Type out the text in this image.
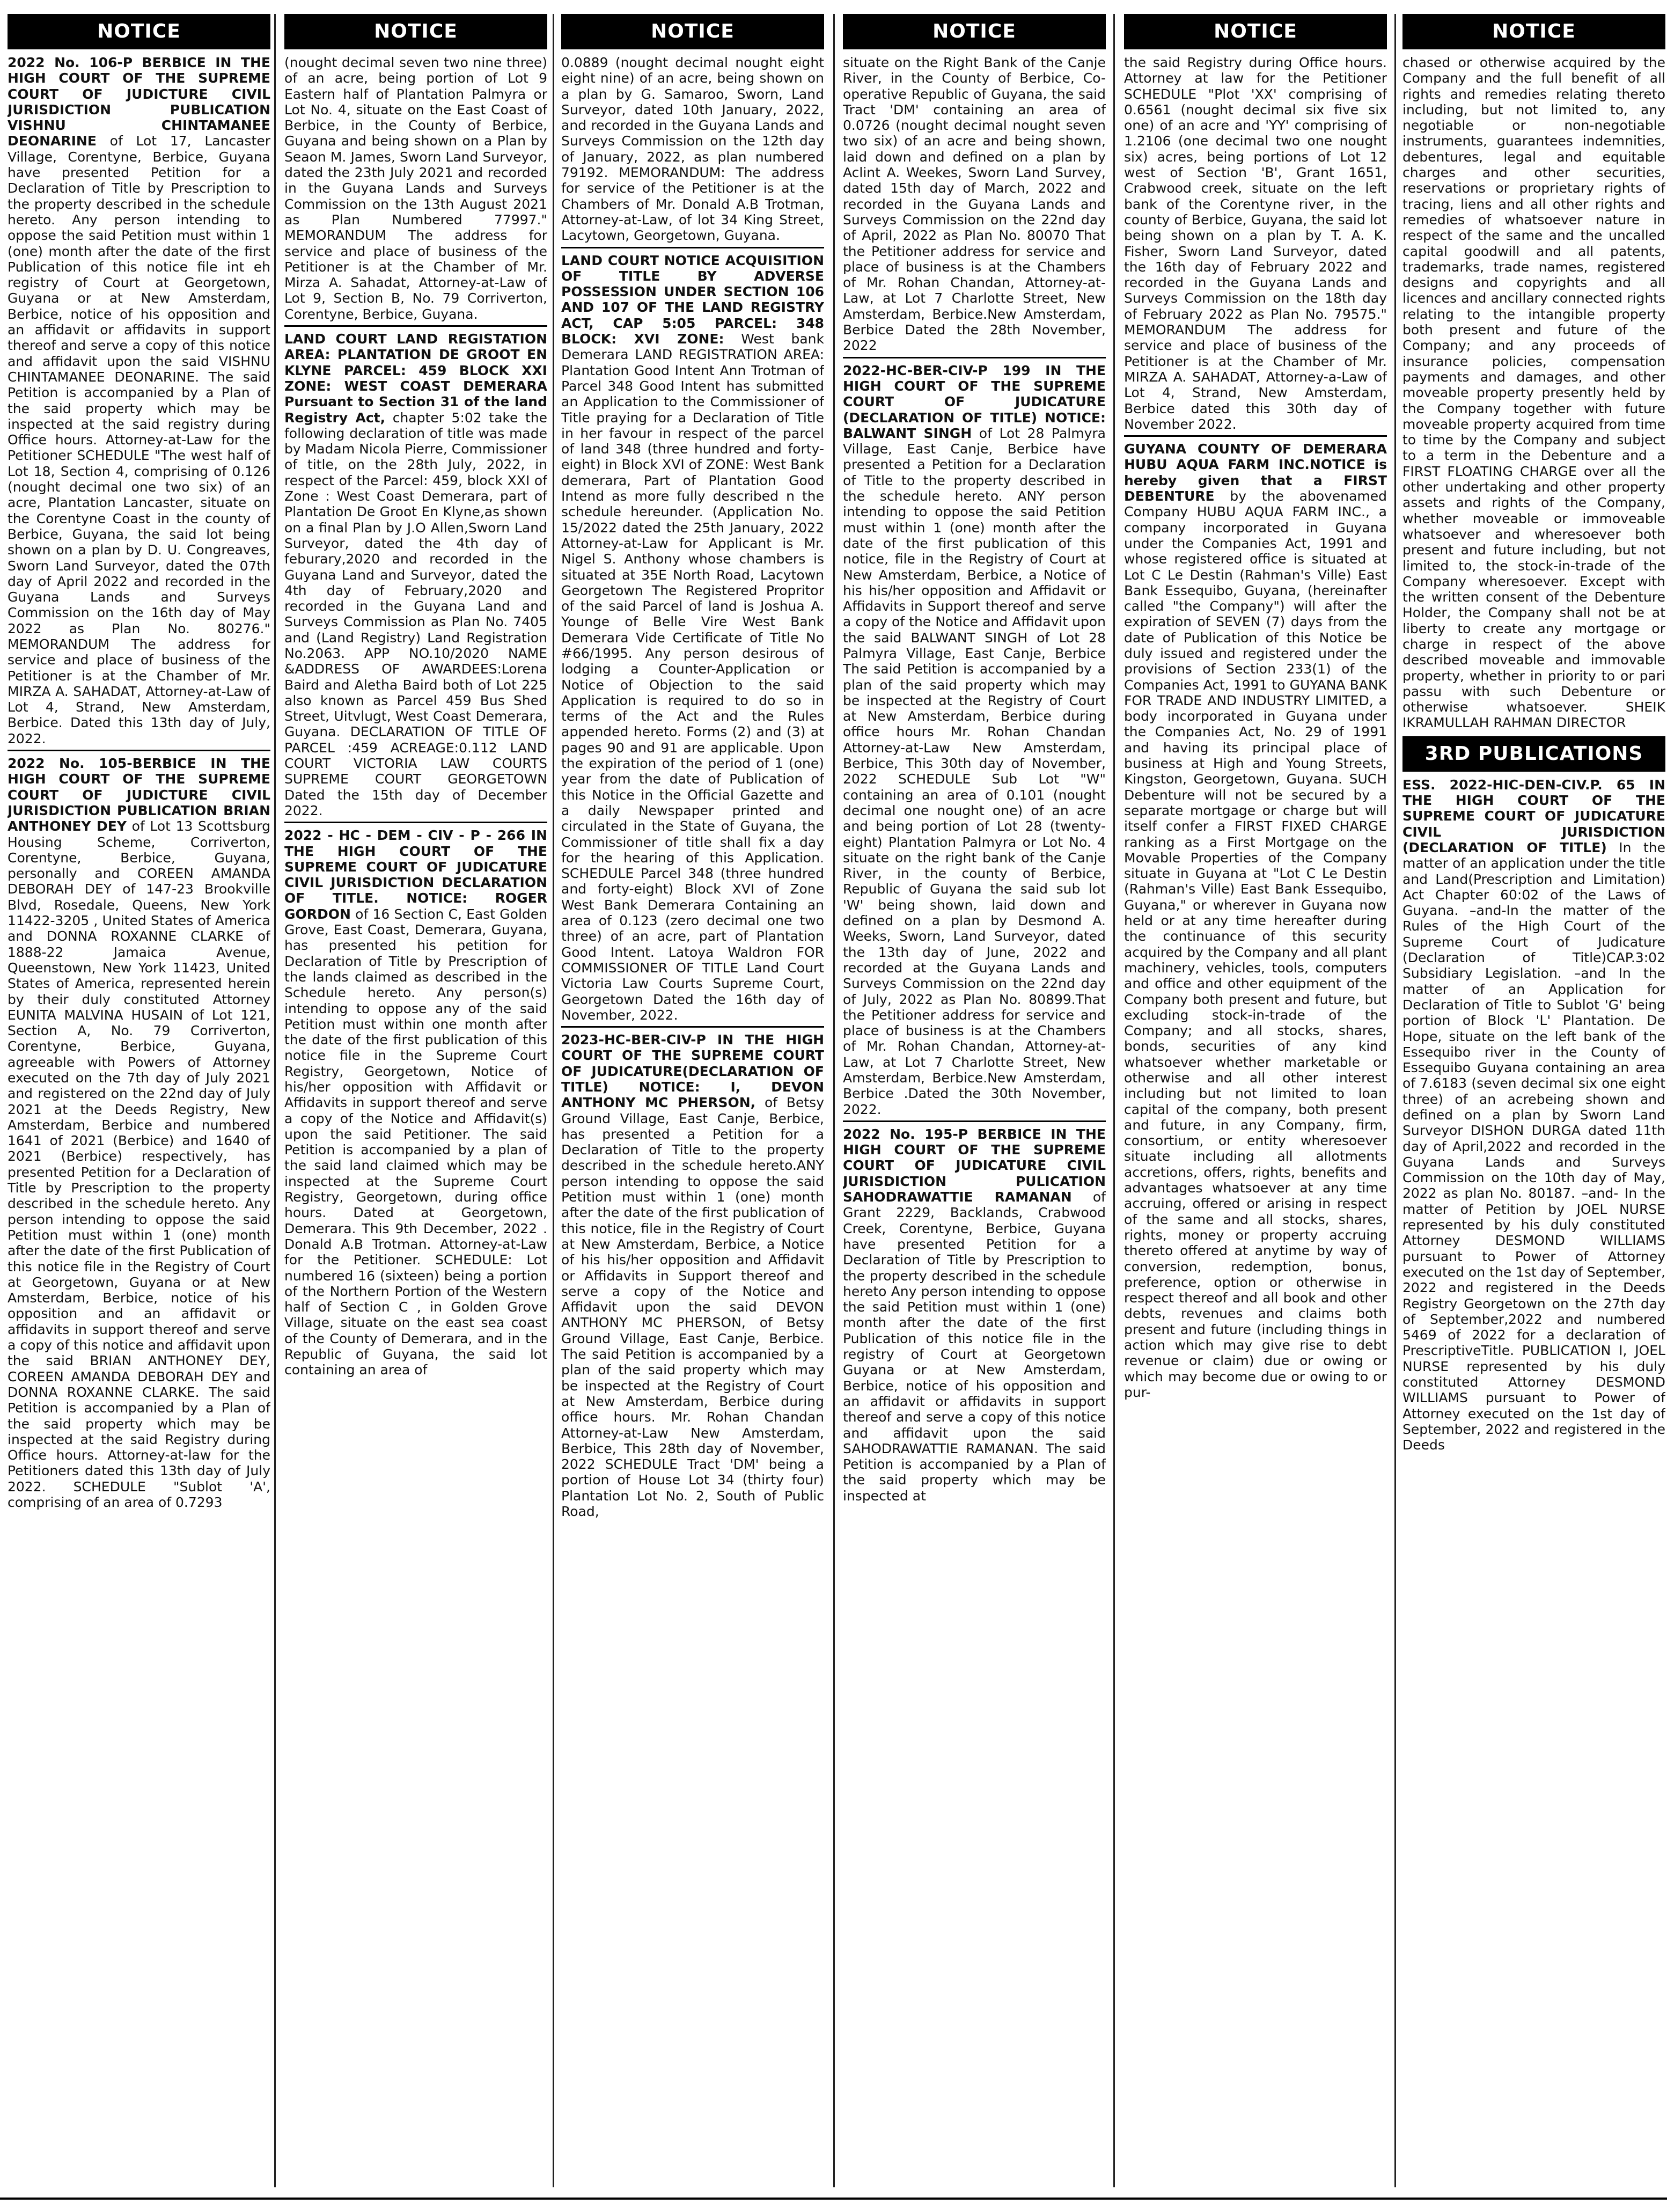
NOTICE
2022 No. 106-P BERBICE IN THE HIGH COURT OF THE SUPREME COURT OF JUDICTURE CIVIL JURISDICTION PUBLICATION VISHNU CHINTAMANEE DEONARINE of Lot 17, Lancaster Village, Corentyne, Berbice, Guyana have presented Petition for a Declaration of Title by Prescription to the property described in the schedule hereto. Any person intending to oppose the said Petition must within 1 (one) month after the date of the first Publication of this notice file int eh registry of Court at Georgetown, Guyana or at New Amsterdam, Berbice, notice of his opposition and an affidavit or affidavits in support thereof and serve a copy of this notice and affidavit upon the said VISHNU CHINTAMANEE DEONARINE. The said Petition is accompanied by a Plan of the said property which may be inspected at the said registry during Office hours. Attorney-at-Law for the Petitioner SCHEDULE "The west half of Lot 18, Section 4, comprising of 0.126 (nought decimal one two six) of an acre, Plantation Lancaster, situate on the Corentyne Coast in the county of Berbice, Guyana, the said lot being shown on a plan by D. U. Congreaves, Sworn Land Surveyor, dated the 07th day of April 2022 and recorded in the Guyana Lands and Surveys Commission on the 16th day of May 2022 as Plan No. 80276." MEMORANDUM The address for service and place of business of the Petitioner is at the Chamber of Mr. MIRZA A. SAHADAT, Attorney-at-Law of Lot 4, Strand, New Amsterdam, Berbice. Dated this 13th day of July, 2022.
2022 No. 105-BERBICE IN THE HIGH COURT OF THE SUPREME COURT OF JUDICTURE CIVIL JURISDICTION PUBLICATION BRIAN ANTHONEY DEY of Lot 13 Scottsburg Housing Scheme, Corriverton, Corentyne, Berbice, Guyana, personally and COREEN AMANDA DEBORAH DEY of 147-23 Brookville Blvd, Rosedale, Queens, New York 11422-3205 , United States of America and DONNA ROXANNE CLARKE of 1888-22 Jamaica Avenue, Queenstown, New York 11423, United States of America, represented herein by their duly constituted Attorney EUNITA MALVINA HUSAIN of Lot 121, Section A, No. 79 Corriverton, Corentyne, Berbice, Guyana, agreeable with Powers of Attorney executed on the 7th day of July 2021 and registered on the 22nd day of July 2021 at the Deeds Registry, New Amsterdam, Berbice and numbered 1641 of 2021 (Berbice) and 1640 of 2021 (Berbice) respectively, has presented Petition for a Declaration of Title by Prescription to the property described in the schedule hereto. Any person intending to oppose the said Petition must within 1 (one) month after the date of the first Publication of this notice file in the Registry of Court at Georgetown, Guyana or at New Amsterdam, Berbice, notice of his opposition and an affidavit or affidavits in support thereof and serve a copy of this notice and affidavit upon the said BRIAN ANTHONEY DEY, COREEN AMANDA DEBORAH DEY and DONNA ROXANNE CLARKE. The said Petition is accompanied by a Plan of the said property which may be inspected at the said Registry during Office hours. Attorney-at-law for the Petitioners dated this 13th day of July 2022. SCHEDULE "Sublot 'A', comprising of an area of 0.7293
NOTICE
(nought decimal seven two nine three) of an acre, being portion of Lot 9 Eastern half of Plantation Palmyra or Lot No. 4, situate on the East Coast of Berbice, in the County of Berbice, Guyana and being shown on a Plan by Seaon M. James, Sworn Land Surveyor, dated the 23th July 2021 and recorded in the Guyana Lands and Surveys Commission on the 13th August 2021 as Plan Numbered 77997." MEMORANDUM The address for service and place of business of the Petitioner is at the Chamber of Mr. Mirza A. Sahadat, Attorney-at-Law of Lot 9, Section B, No. 79 Corriverton, Corentyne, Berbice, Guyana.
LAND COURT LAND REGISTATION AREA: PLANTATION DE GROOT EN KLYNE PARCEL: 459 BLOCK XXI ZONE: WEST COAST DEMERARA Pursuant to Section 31 of the land Registry Act, chapter 5:02 take the following declaration of title was made by Madam Nicola Pierre, Commissioner of title, on the 28th July, 2022, in respect of the Parcel: 459, block XXI of Zone : West Coast Demerara, part of Plantation De Groot En Klyne,as shown on a final Plan by J.O Allen,Sworn Land Surveyor, dated the 4th day of feburary,2020 and recorded in the Guyana Land and Surveyor, dated the 4th day of February,2020 and recorded in the Guyana Land and Surveys Commission as Plan No. 7405 and (Land Registry) Land Registration No.2063. APP NO.10/2020 NAME &ADDRESS OF AWARDEES:Lorena Baird and Aletha Baird both of Lot 225 also known as Parcel 459 Bus Shed Street, Uitvlugt, West Coast Demerara, Guyana. DECLARATION OF TITLE OF PARCEL :459 ACREAGE:0.112 LAND COURT VICTORIA LAW COURTS SUPREME COURT GEORGETOWN Dated the 15th day of December 2022.
2022 - HC - DEM - CIV - P - 266 IN THE HIGH COURT OF THE SUPREME COURT OF JUDICATURE CIVIL JURISDICTION DECLARATION OF TITLE. NOTICE: ROGER GORDON of 16 Section C, East Golden Grove, East Coast, Demerara, Guyana, has presented his petition for Declaration of Title by Prescription of the lands claimed as described in the Schedule hereto. Any person(s) intending to oppose any of the said Petition must within one month after the date of the first publication of this notice file in the Supreme Court Registry, Georgetown, Notice of his/her opposition with Affidavit or Affidavits in support thereof and serve a copy of the Notice and Affidavit(s) upon the said Petitioner. The said Petition is accompanied by a plan of the said land claimed which may be inspected at the Supreme Court Registry, Georgetown, during office hours. Dated at Georgetown, Demerara. This 9th December, 2022 . Donald A.B Trotman. Attorney-at-Law for the Petitioner. SCHEDULE: Lot numbered 16 (sixteen) being a portion of the Northern Portion of the Western half of Section C , in Golden Grove Village, situate on the east sea coast of the County of Demerara, and in the Republic of Guyana, the said lot containing an area of
NOTICE
0.0889 (nought decimal nought eight eight nine) of an acre, being shown on a plan by G. Samaroo, Sworn, Land Surveyor, dated 10th January, 2022, and recorded in the Guyana Lands and Surveys Commission on the 12th day of January, 2022, as plan numbered 79192. MEMORANDUM: The address for service of the Petitioner is at the Chambers of Mr. Donald A.B Trotman, Attorney-at-Law, of lot 34 King Street, Lacytown, Georgetown, Guyana.
LAND COURT NOTICE ACQUISITION OF TITLE BY ADVERSE POSSESSION UNDER SECTION 106 AND 107 OF THE LAND REGISTRY ACT, CAP 5:05 PARCEL: 348 BLOCK: XVI ZONE: West bank Demerara LAND REGISTRATION AREA: Plantation Good Intent Ann Trotman of Parcel 348 Good Intent has submitted an Application to the Commissioner of Title praying for a Declaration of Title in her favour in respect of the parcel of land 348 (three hundred and forty-eight) in Block XVI of ZONE: West Bank demerara, Part of Plantation Good Intend as more fully described n the schedule hereunder. (Application No. 15/2022 dated the 25th January, 2022 Attorney-at-Law for Applicant is Mr. Nigel S. Anthony whose chambers is situated at 35E North Road, Lacytown Georgetown The Registered Propritor of the said Parcel of land is Joshua A. Younge of Belle Vire West Bank Demerara Vide Certificate of Title No #66/1995. Any person desirous of lodging a Counter-Application or Notice of Objection to the said Application is required to do so in terms of the Act and the Rules appended hereto. Forms (2) and (3) at pages 90 and 91 are applicable. Upon the expiration of the period of 1 (one) year from the date of Publication of this Notice in the Official Gazette and a daily Newspaper printed and circulated in the State of Guyana, the Commissioner of title shall fix a day for the hearing of this Application. SCHEDULE Parcel 348 (three hundred and forty-eight) Block XVI of Zone West Bank Demerara Containing an area of 0.123 (zero decimal one two three) of an acre, part of Plantation Good Intent. Latoya Waldron FOR COMMISSIONER OF TITLE Land Court Victoria Law Courts Supreme Court, Georgetown Dated the 16th day of November, 2022.
2023-HC-BER-CIV-P IN THE HIGH COURT OF THE SUPREME COURT OF JUDICATURE(DECLARATION OF TITLE) NOTICE: I, DEVON ANTHONY MC PHERSON, of Betsy Ground Village, East Canje, Berbice, has presented a Petition for a Declaration of Title to the property described in the schedule hereto.ANY person intending to oppose the said Petition must within 1 (one) month after the date of the first publication of this notice, file in the Registry of Court at New Amsterdam, Berbice, a Notice of his his/her opposition and Affidavit or Affidavits in Support thereof and serve a copy of the Notice and Affidavit upon the said DEVON ANTHONY MC PHERSON, of Betsy Ground Village, East Canje, Berbice. The said Petition is accompanied by a plan of the said property which may be inspected at the Registry of Court at New Amsterdam, Berbice during office hours. Mr. Rohan Chandan Attorney-at-Law New Amsterdam, Berbice, This 28th day of November, 2022 SCHEDULE Tract 'DM' being a portion of House Lot 34 (thirty four) Plantation Lot No. 2, South of Public Road,
NOTICE
situate on the Right Bank of the Canje River, in the County of Berbice, Co-operative Republic of Guyana, the said Tract 'DM' containing an area of 0.0726 (nought decimal nought seven two six) of an acre and being shown, laid down and defined on a plan by Aclint A. Weekes, Sworn Land Survey, dated 15th day of March, 2022 and recorded in the Guyana Lands and Surveys Commission on the 22nd day of April, 2022 as Plan No. 80070 That the Petitioner address for service and place of business is at the Chambers of Mr. Rohan Chandan, Attorney-at-Law, at Lot 7 Charlotte Street, New Amsterdam, Berbice.New Amsterdam, Berbice Dated the 28th November, 2022
2022-HC-BER-CIV-P 199 IN THE HIGH COURT OF THE SUPREME COURT OF JUDICATURE (DECLARATION OF TITLE) NOTICE: BALWANT SINGH of Lot 28 Palmyra Village, East Canje, Berbice have presented a Petition for a Declaration of Title to the property described in the schedule hereto. ANY person intending to oppose the said Petition must within 1 (one) month after the date of the first publication of this notice, file in the Registry of Court at New Amsterdam, Berbice, a Notice of his his/her opposition and Affidavit or Affidavits in Support thereof and serve a copy of the Notice and Affidavit upon the said BALWANT SINGH of Lot 28 Palmyra Village, East Canje, Berbice The said Petition is accompanied by a plan of the said property which may be inspected at the Registry of Court at New Amsterdam, Berbice during office hours Mr. Rohan Chandan Attorney-at-Law New Amsterdam, Berbice, This 30th day of November, 2022 SCHEDULE Sub Lot "W" containing an area of 0.101 (nought decimal one nought one) of an acre and being portion of Lot 28 (twenty-eight) Plantation Palmyra or Lot No. 4 situate on the right bank of the Canje River, in the county of Berbice, Republic of Guyana the said sub lot 'W' being shown, laid down and defined on a plan by Desmond A. Weeks, Sworn, Land Surveyor, dated the 13th day of June, 2022 and recorded at the Guyana Lands and Surveys Commission on the 22nd day of July, 2022 as Plan No. 80899.That the Petitioner address for service and place of business is at the Chambers of Mr. Rohan Chandan, Attorney-at-Law, at Lot 7 Charlotte Street, New Amsterdam, Berbice.New Amsterdam, Berbice .Dated the 30th November, 2022.
2022 No. 195-P BERBICE IN THE HIGH COURT OF THE SUPREME COURT OF JUDICATURE CIVIL JURISDICTION PULICATION SAHODRAWATTIE RAMANAN of Grant 2229, Backlands, Crabwood Creek, Corentyne, Berbice, Guyana have presented Petition for a Declaration of Title by Prescription to the property described in the schedule hereto Any person intending to oppose the said Petition must within 1 (one) month after the date of the first Publication of this notice file in the registry of Court at Georgetown Guyana or at New Amsterdam, Berbice, notice of his opposition and an affidavit or affidavits in support thereof and serve a copy of this notice and affidavit upon the said SAHODRAWATTIE RAMANAN. The said Petition is accompanied by a Plan of the said property which may be inspected at
NOTICE
the said Registry during Office hours. Attorney at law for the Petitioner SCHEDULE "Plot 'XX' comprising of 0.6561 (nought decimal six five six one) of an acre and 'YY' comprising of 1.2106 (one decimal two one nought six) acres, being portions of Lot 12 west of Section 'B', Grant 1651, Crabwood creek, situate on the left bank of the Corentyne river, in the county of Berbice, Guyana, the said lot being shown on a plan by T. A. K. Fisher, Sworn Land Surveyor, dated the 16th day of February 2022 and recorded in the Guyana Lands and Surveys Commission on the 18th day of February 2022 as Plan No. 79575." MEMORANDUM The address for service and place of business of the Petitioner is at the Chamber of Mr. MIRZA A. SAHADAT, Attorney-a-Law of Lot 4, Strand, New Amsterdam, Berbice dated this 30th day of November 2022.
GUYANA COUNTY OF DEMERARA HUBU AQUA FARM INC.NOTICE is hereby given that a FIRST DEBENTURE by the abovenamed Company HUBU AQUA FARM INC., a company incorporated in Guyana under the Companies Act, 1991 and whose registered office is situated at Lot C Le Destin (Rahman's Ville) East Bank Essequibo, Guyana, (hereinafter called "the Company") will after the expiration of SEVEN (7) days from the date of Publication of this Notice be duly issued and registered under the provisions of Section 233(1) of the Companies Act, 1991 to GUYANA BANK FOR TRADE AND INDUSTRY LIMITED, a body incorporated in Guyana under the Companies Act, No. 29 of 1991 and having its principal place of business at High and Young Streets, Kingston, Georgetown, Guyana. SUCH Debenture will not be secured by a separate mortgage or charge but will itself confer a FIRST FIXED CHARGE ranking as a First Mortgage on the Movable Properties of the Company situate in Guyana at "Lot C Le Destin (Rahman's Ville) East Bank Essequibo, Guyana," or wherever in Guyana now held or at any time hereafter during the continuance of this security acquired by the Company and all plant machinery, vehicles, tools, computers and office and other equipment of the Company both present and future, but excluding stock-in-trade of the Company; and all stocks, shares, bonds, securities of any kind whatsoever whether marketable or otherwise and all other interest including but not limited to loan capital of the company, both present and future, in any Company, firm, consortium, or entity wheresoever situate including all allotments accretions, offers, rights, benefits and advantages whatsoever at any time accruing, offered or arising in respect of the same and all stocks, shares, rights, money or property accruing thereto offered at anytime by way of conversion, redemption, bonus, preference, option or otherwise in respect thereof and all book and other debts, revenues and claims both present and future (including things in action which may give rise to debt revenue or claim) due or owing or which may become due or owing to or pur-
NOTICE
chased or otherwise acquired by the Company and the full benefit of all rights and remedies relating thereto including, but not limited to, any negotiable or non-negotiable instruments, guarantees indemnities, debentures, legal and equitable charges and other securities, reservations or proprietary rights of tracing, liens and all other rights and remedies of whatsoever nature in respect of the same and the uncalled capital goodwill and all patents, trademarks, trade names, registered designs and copyrights and all licences and ancillary connected rights relating to the intangible property both present and future of the Company; and any proceeds of insurance policies, compensation payments and damages, and other moveable property presently held by the Company together with future moveable property acquired from time to time by the Company and subject to a term in the Debenture and a FIRST FLOATING CHARGE over all the other undertaking and other property assets and rights of the Company, whether moveable or immoveable whatsoever and wheresoever both present and future including, but not limited to, the stock-in-trade of the Company wheresoever. Except with the written consent of the Debenture Holder, the Company shall not be at liberty to create any mortgage or charge in respect of the above described moveable and immovable property, whether in priority to or pari passu with such Debenture or otherwise whatsoever. SHEIK IKRAMULLAH RAHMAN DIRECTOR
3RD PUBLICATIONS
ESS. 2022-HIC-DEN-CIV.P. 65 IN THE HIGH COURT OF THE SUPREME COURT OF JUDICATURE CIVIL JURISDICTION (DECLARATION OF TITLE) In the matter of an application under the title and Land(Prescription and Limitation) Act Chapter 60:02 of the Laws of Guyana. –and-In the matter of the Rules of the High Court of the Supreme Court of Judicature (Declaration of Title)CAP.3:02 Subsidiary Legislation. –and In the matter of an Application for Declaration of Title to Sublot 'G' being portion of Block 'L' Plantation. De Hope, situate on the left bank of the Essequibo river in the County of Essequibo Guyana containing an area of 7.6183 (seven decimal six one eight three) of an acrebeing shown and defined on a plan by Sworn Land Surveyor DISHON DURGA dated 11th day of April,2022 and recorded in the Guyana Lands and Surveys Commission on the 10th day of May, 2022 as plan No. 80187. –and- In the matter of Petition by JOEL NURSE represented by his duly constituted Attorney DESMOND WILLIAMS pursuant to Power of Attorney executed on the 1st day of September, 2022 and registered in the Deeds Registry Georgetown on the 27th day of September,2022 and numbered 5469 of 2022 for a declaration of PrescriptiveTitle. PUBLICATION I, JOEL NURSE represented by his duly constituted Attorney DESMOND WILLIAMS pursuant to Power of Attorney executed on the 1st day of September, 2022 and registered in the Deeds
